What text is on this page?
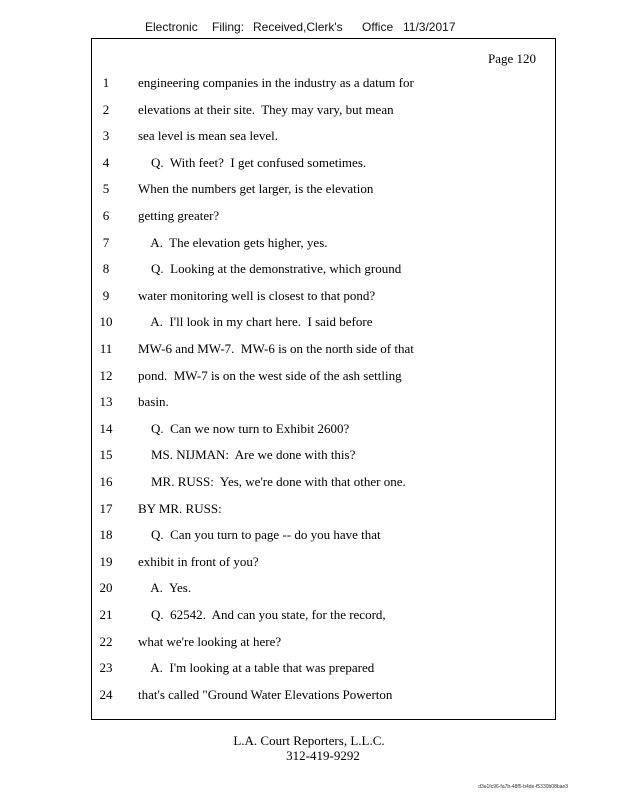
Electronic Filing: Received,Clerk's Office 11/3/2017
Page 120
1	engineering companies in the industry as a datum for
2	elevations at their site.  They may vary, but mean
3	sea level is mean sea level.
4	Q.  With feet?  I get confused sometimes.
5	When the numbers get larger, is the elevation
6	getting greater?
7	A.  The elevation gets higher, yes.
8	Q.  Looking at the demonstrative, which ground
9	water monitoring well is closest to that pond?
10 A.  I'll look in my chart here.  I said before
11 MW-6 and MW-7.  MW-6 is on the north side of that
12 pond.  MW-7 is on the west side of the ash settling
13 basin.
14 Q.  Can we now turn to Exhibit 2600?
15 MS. NIJMAN:  Are we done with this?
16 MR. RUSS:  Yes, we're done with that other one.
17 BY MR. RUSS:
18 Q.  Can you turn to page -- do you have that
19 exhibit in front of you?
20 A.  Yes.
21 Q.  62542.  And can you state, for the record,
22 what we're looking at here?
23 A.  I'm looking at a table that was prepared
24 that's called "Ground Water Elevations Powerton
L.A. Court Reporters, L.L.C.
312-419-9292
d3e1fc96-fa7b-48f5-b4de-f5330b08bae3
